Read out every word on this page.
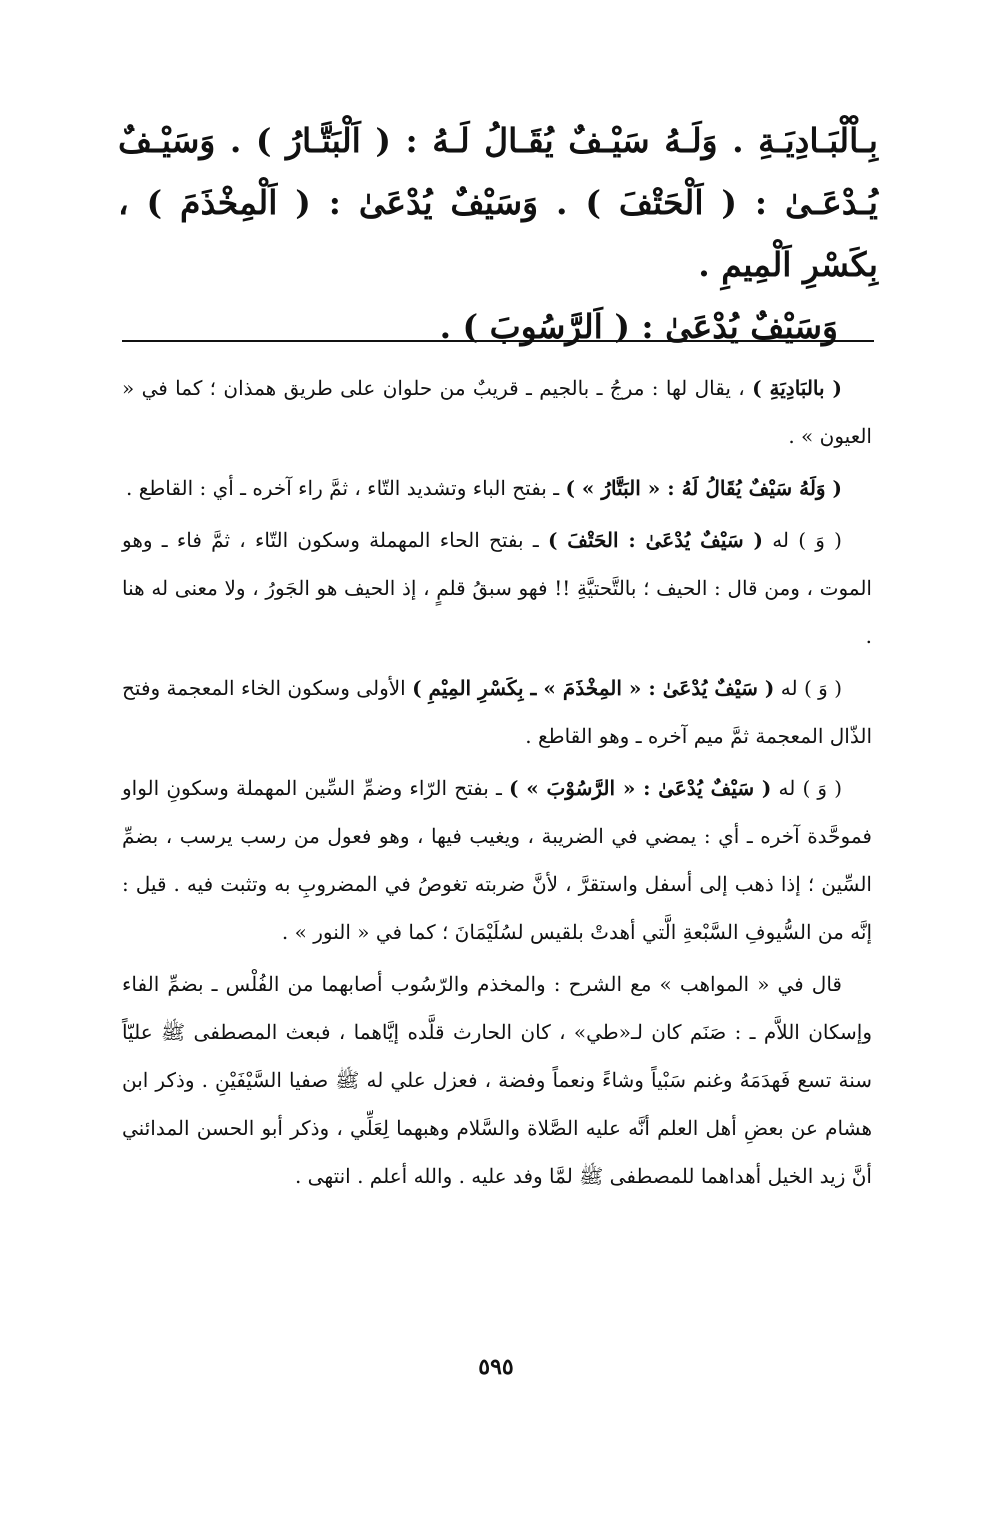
بِـاْلْبَـادِيَـةِ . وَلَـهُ سَيْـفٌ يُقَـالُ لَـهُ : ( اَلْبَتَّـارُ ) . وَسَيْـفٌ يُـدْعَـىٰ : ( اَلْحَتْفَ ) . وَسَيْفٌ يُدْعَىٰ : ( اَلْمِخْذَمَ ) ، بِكَسْرِ اَلْمِيمِ .

وَسَيْفٌ يُدْعَىٰ : ( اَلرَّسُوبَ ) .

( بالبَادِيَةِ ) ، يقال لها : مرجُ ـ بالجيم ـ قريبٌ من حلوان على طريق همذان ؛ كما في « العيون » .

( وَلَهُ سَيْفٌ يُقَالُ لَهُ : « البَتَّارُ » ) ـ بفتح الباء وتشديد التّاء ، ثمَّ راء آخره ـ أي : القاطع .

( وَ ) له ( سَيْفٌ يُدْعَىٰ : الحَتْفَ ) ـ بفتح الحاء المهملة وسكون التّاء ، ثمَّ فاء ـ وهو الموت ، ومن قال : الحيف ؛ بالتَّحتيَّةِ !! فهو سبقُ قلمٍ ، إذ الحيف هو الجَورُ ، ولا معنى له هنا .

( وَ ) له ( سَيْفٌ يُدْعَىٰ : « المِخْذَمَ » ـ بِكَسْرِ المِيْمِ ) الأولى وسكون الخاء المعجمة وفتح الذّال المعجمة ثمَّ ميم آخره ـ وهو القاطع .

( وَ ) له ( سَيْفٌ يُدْعَىٰ : « الرَّسُوْبَ » ) ـ بفتح الرّاء وضمِّ السِّين المهملة وسكونِ الواو فموحَّدة آخره ـ أي : يمضي في الضريبة ، ويغيب فيها ، وهو فعول من رسب يرسب ، بضمِّ السِّين ؛ إذا ذهب إلى أسفل واستقرَّ ، لأنَّ ضربته تغوصُ في المضروبِ به وتثبت فيه . قيل : إنَّه من السُّيوفِ السَّبْعةِ الَّتي أهدتْ بلقيس لسُلَيْمَانَ ؛ كما في « النور » .

قال في « المواهب » مع الشرح : والمخذم والرّسُوب أصابهما من الفُلْس ـ بضمِّ الفاء وإسكان اللاَّم ـ : صَنَم كان لـ«طي» ، كان الحارث قلَّده إيَّاهما ، فبعث المصطفى ﷺ عليّاً سنة تسع فَهدَمَهُ وغنم سَبْياً وشاءً ونعماً وفضة ، فعزل علي له ﷺ صفيا السَّيْفَيْنِ . وذكر ابن هشام عن بعضِ أهل العلم أنَّه عليه الصَّلاة والسَّلام وهبهما لِعَلِّي ، وذكر أبو الحسن المدائني أنَّ زيد الخيل أهداهما للمصطفى ﷺ لمَّا وفد عليه . والله أعلم . انتهى .

٥٩٥
